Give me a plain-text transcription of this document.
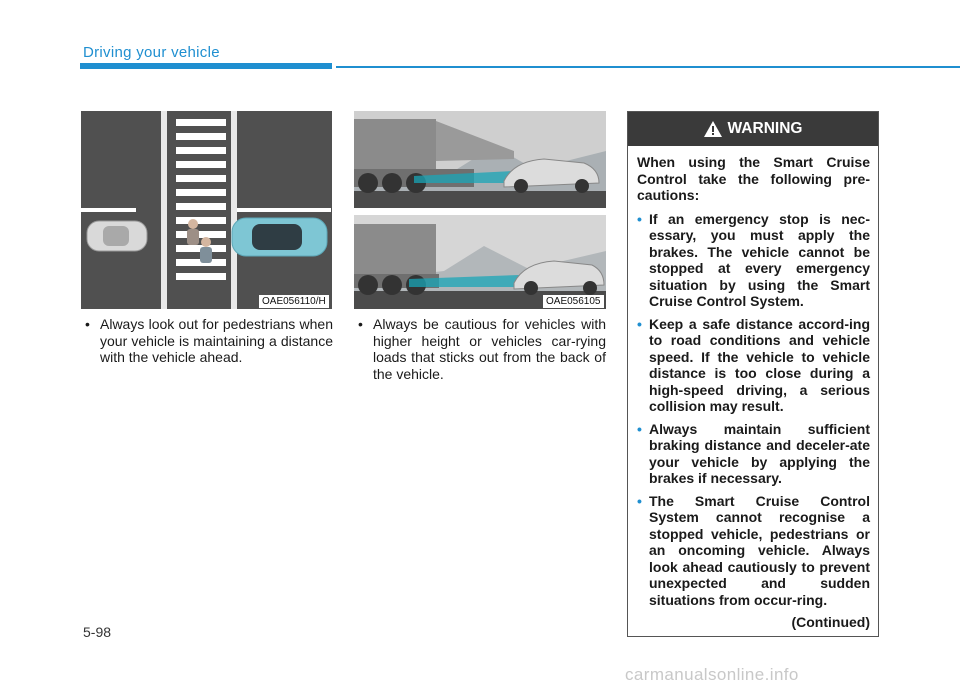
Driving your vehicle
OAE056110/H	OAE056105
• Always look out for pedestrians when your vehicle is maintaining a distance with the vehicle ahead.
• Always be cautious for vehicles with higher height or vehicles car-rying loads that sticks out from the back of the vehicle.
WARNING

When using the Smart Cruise Control take the following pre-cautions:

• If an emergency stop is nec-essary, you must apply the brakes. The vehicle cannot be stopped at every emergency situation by using the Smart Cruise Control System.
• Keep a safe distance accord-ing to road conditions and vehicle speed. If the vehicle to vehicle distance is too close during a high-speed driving, a serious collision may result.
• Always maintain sufficient braking distance and deceler-ate your vehicle by applying the brakes if necessary.
• The Smart Cruise Control System cannot recognise a stopped vehicle, pedestrians or an oncoming vehicle. Always look ahead cautiously to prevent unexpected and sudden situations from occur-ring.
(Continued)
5-98
carmanualsonline.info
